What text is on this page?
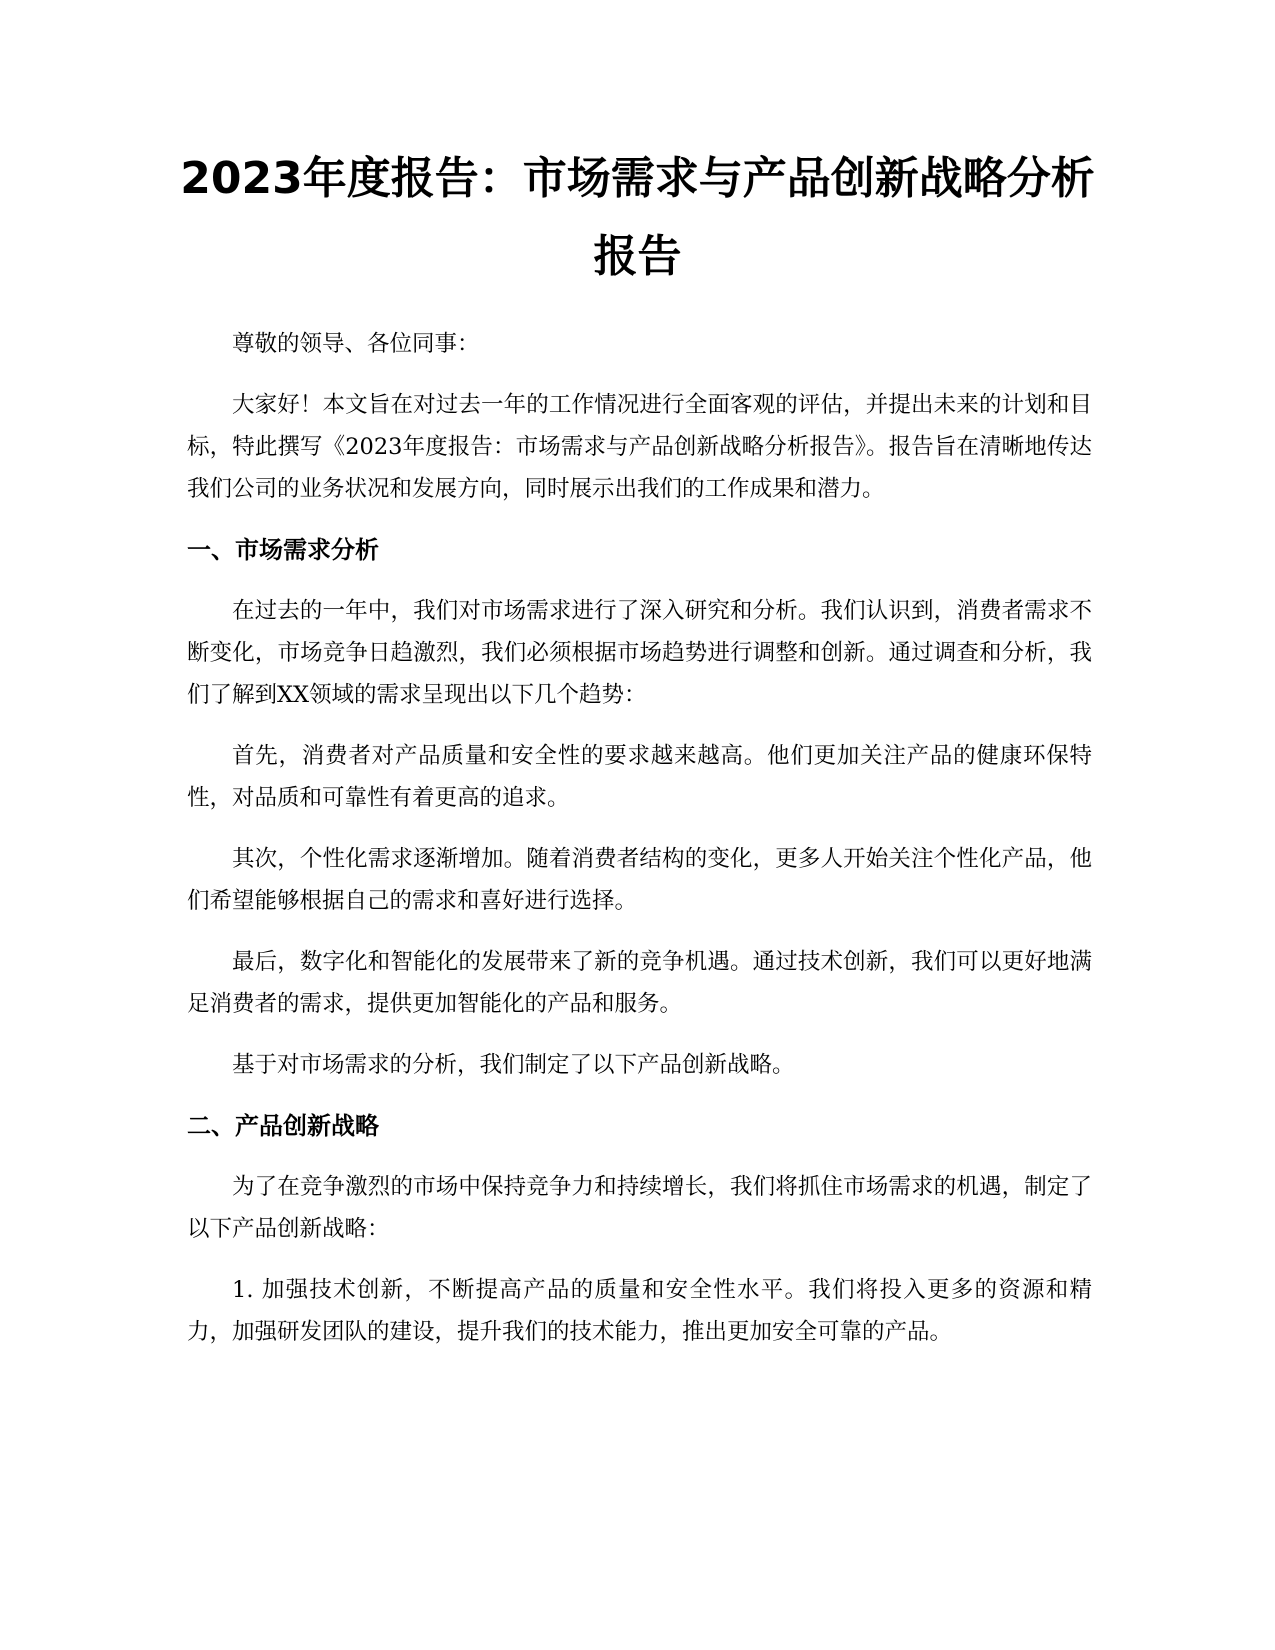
2023年度报告：市场需求与产品创新战略分析报告

尊敬的领导、各位同事：

大家好！本文旨在对过去一年的工作情况进行全面客观的评估，并提出未来的计划和目标，特此撰写《2023年度报告：市场需求与产品创新战略分析报告》。报告旨在清晰地传达我们公司的业务状况和发展方向，同时展示出我们的工作成果和潜力。

一、市场需求分析

在过去的一年中，我们对市场需求进行了深入研究和分析。我们认识到，消费者需求不断变化，市场竞争日趋激烈，我们必须根据市场趋势进行调整和创新。通过调查和分析，我们了解到XX领域的需求呈现出以下几个趋势：

首先，消费者对产品质量和安全性的要求越来越高。他们更加关注产品的健康环保特性，对品质和可靠性有着更高的追求。

其次，个性化需求逐渐增加。随着消费者结构的变化，更多人开始关注个性化产品，他们希望能够根据自己的需求和喜好进行选择。

最后，数字化和智能化的发展带来了新的竞争机遇。通过技术创新，我们可以更好地满足消费者的需求，提供更加智能化的产品和服务。

基于对市场需求的分析，我们制定了以下产品创新战略。

二、产品创新战略

为了在竞争激烈的市场中保持竞争力和持续增长，我们将抓住市场需求的机遇，制定了以下产品创新战略：

1. 加强技术创新，不断提高产品的质量和安全性水平。我们将投入更多的资源和精力，加强研发团队的建设，提升我们的技术能力，推出更加安全可靠的产品。
